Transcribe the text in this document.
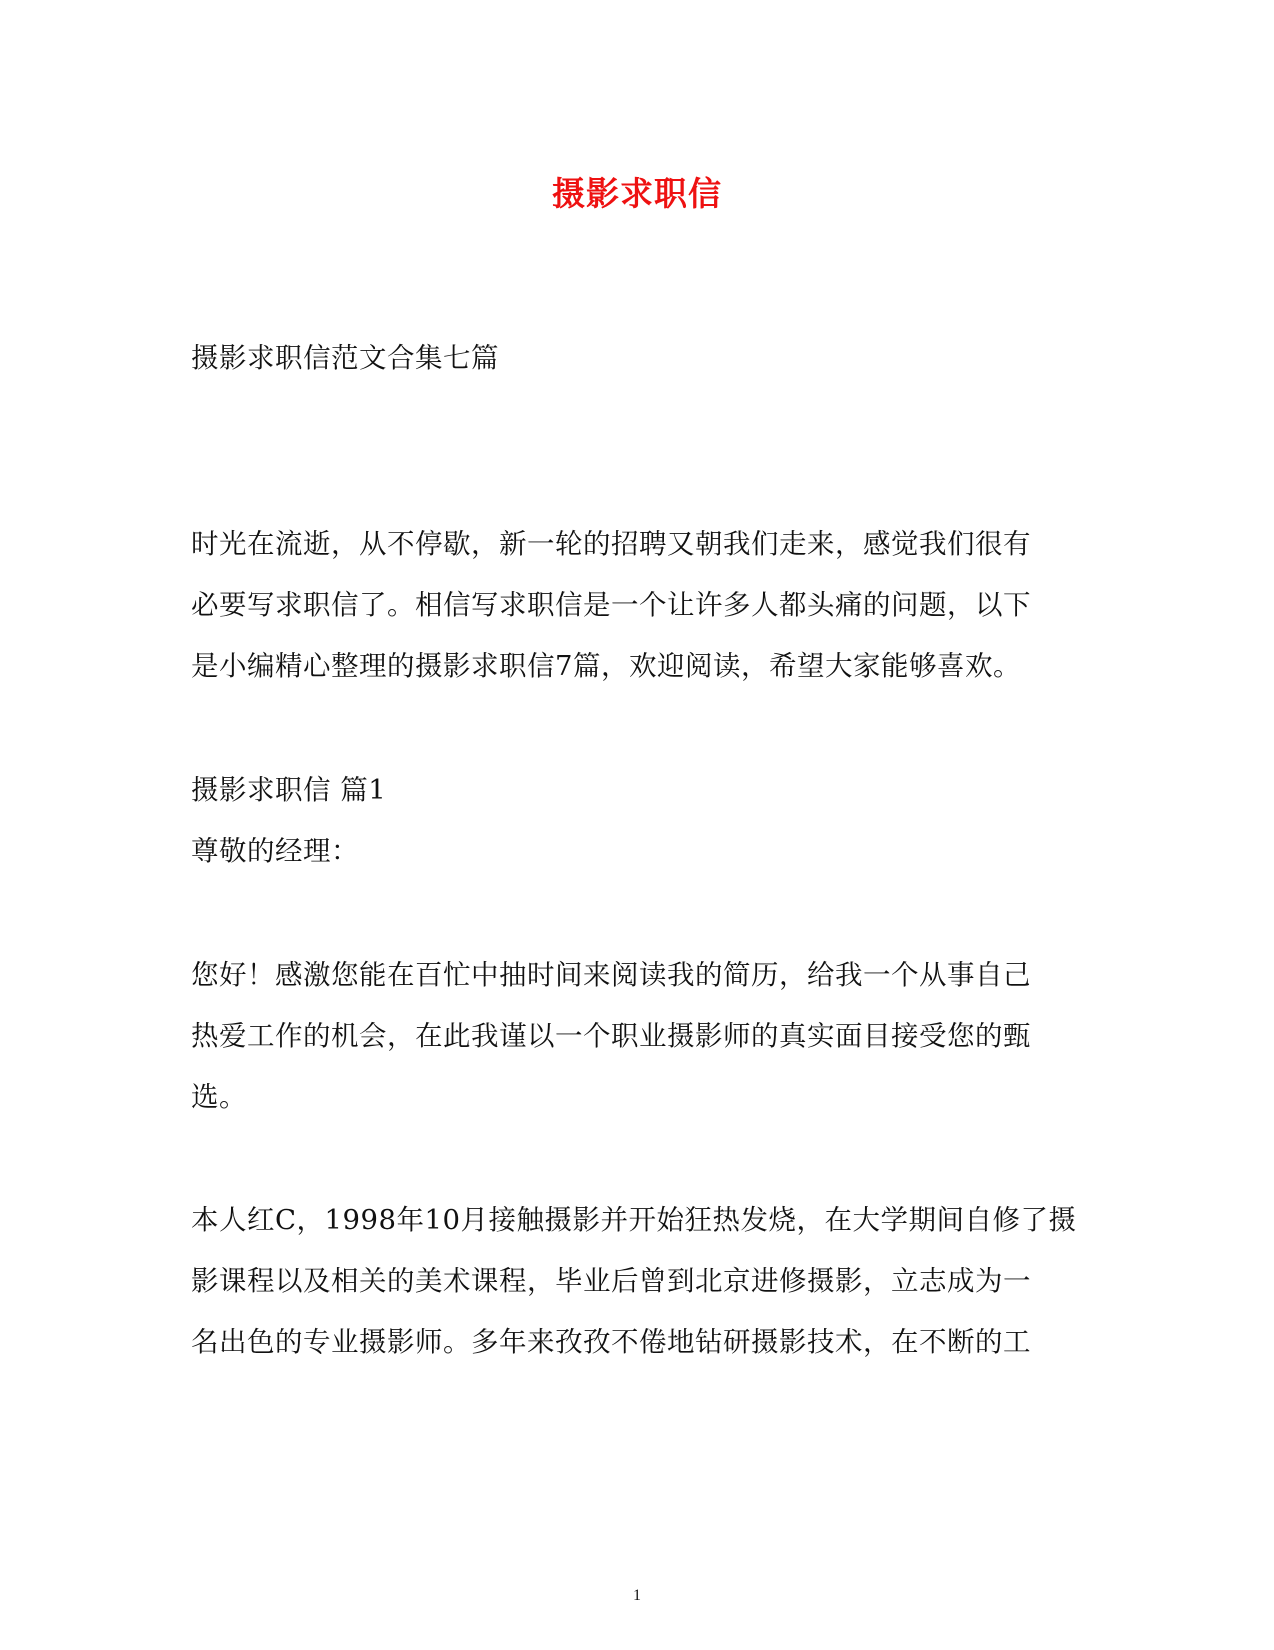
摄影求职信
摄影求职信范文合集七篇
时光在流逝，从不停歇，新一轮的招聘又朝我们走来，感觉我们很有
必要写求职信了。相信写求职信是一个让许多人都头痛的问题，以下
是小编精心整理的摄影求职信7篇，欢迎阅读，希望大家能够喜欢。
摄影求职信 篇1
尊敬的经理：
您好！感激您能在百忙中抽时间来阅读我的简历，给我一个从事自己
热爱工作的机会，在此我谨以一个职业摄影师的真实面目接受您的甄
选。
本人红C，1998年10月接触摄影并开始狂热发烧，在大学期间自修了摄
影课程以及相关的美术课程，毕业后曾到北京进修摄影，立志成为一
名出色的专业摄影师。多年来孜孜不倦地钻研摄影技术，在不断的工
1
